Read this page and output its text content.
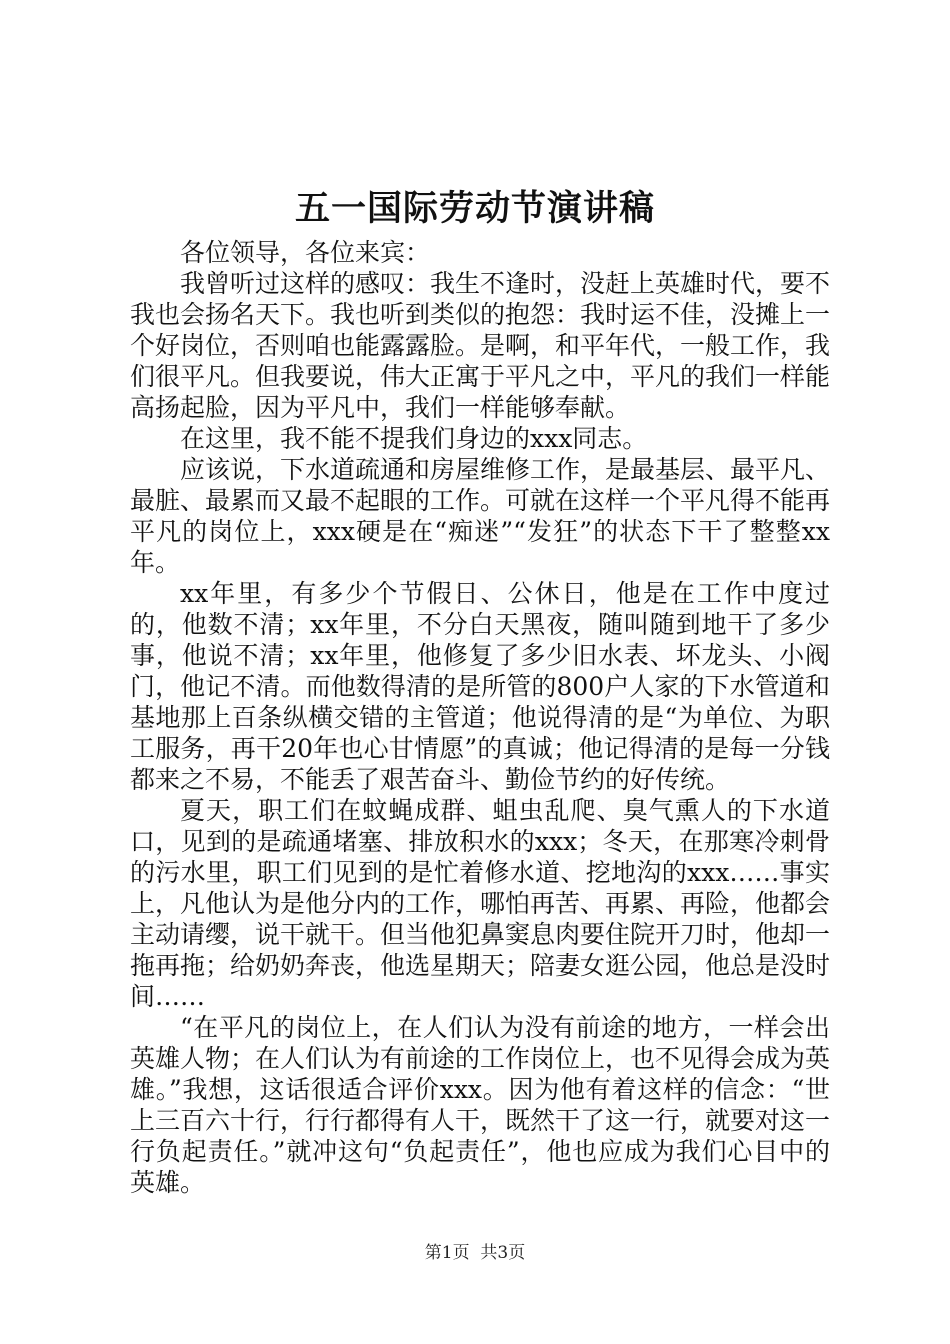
五一国际劳动节演讲稿

各位领导，各位来宾：

我曾听过这样的感叹：我生不逢时，没赶上英雄时代，要不我也会扬名天下。我也听到类似的抱怨：我时运不佳，没摊上一个好岗位，否则咱也能露露脸。是啊，和平年代，一般工作，我们很平凡。但我要说，伟大正寓于平凡之中，平凡的我们一样能高扬起脸，因为平凡中，我们一样能够奉献。

在这里，我不能不提我们身边的xxx同志。

应该说，下水道疏通和房屋维修工作，是最基层、最平凡、最脏、最累而又最不起眼的工作。可就在这样一个平凡得不能再平凡的岗位上，xxx硬是在“痴迷”“发狂”的状态下干了整整xx年。

xx年里，有多少个节假日、公休日，他是在工作中度过的，他数不清；xx年里，不分白天黑夜，随叫随到地干了多少事，他说不清；xx年里，他修复了多少旧水表、坏龙头、小阀门，他记不清。而他数得清的是所管的800户人家的下水管道和基地那上百条纵横交错的主管道；他说得清的是“为单位、为职工服务，再干20年也心甘情愿”的真诚；他记得清的是每一分钱都来之不易，不能丢了艰苦奋斗、勤俭节约的好传统。

夏天，职工们在蚊蝇成群、蛆虫乱爬、臭气熏人的下水道口，见到的是疏通堵塞、排放积水的xxx；冬天，在那寒冷刺骨的污水里，职工们见到的是忙着修水道、挖地沟的xxx……事实上，凡他认为是他分内的工作，哪怕再苦、再累、再险，他都会主动请缨，说干就干。但当他犯鼻窦息肉要住院开刀时，他却一拖再拖；给奶奶奔丧，他选星期天；陪妻女逛公园，他总是没时间……

“在平凡的岗位上，在人们认为没有前途的地方，一样会出英雄人物；在人们认为有前途的工作岗位上，也不见得会成为英雄。”我想，这话很适合评价xxx。因为他有着这样的信念：“世上三百六十行，行行都得有人干，既然干了这一行，就要对这一行负起责任。”就冲这句“负起责任”，他也应成为我们心目中的英雄。

第1页 共3页
